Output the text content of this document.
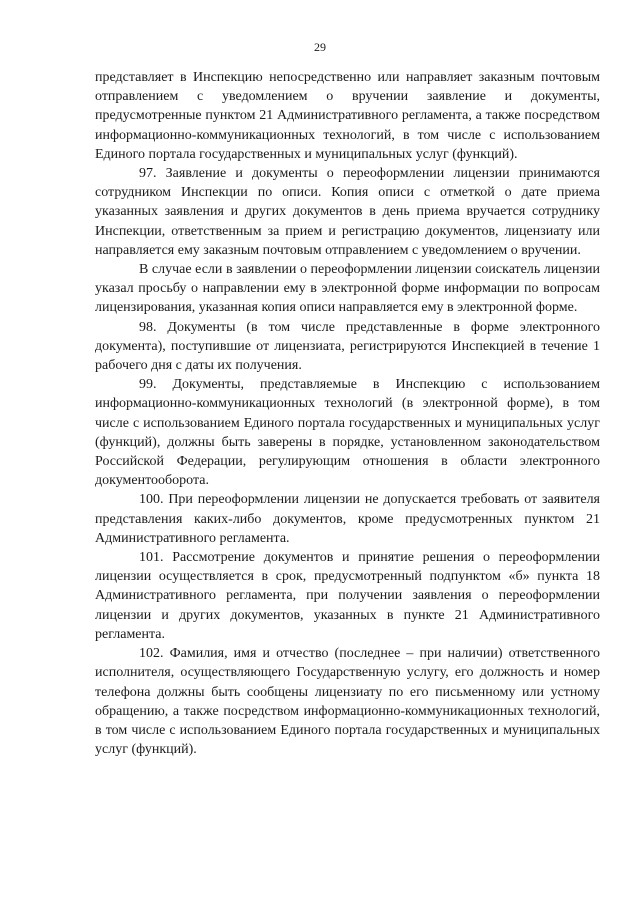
29

представляет в Инспекцию непосредственно или направляет заказным почтовым отправлением с уведомлением о вручении заявление и документы, предусмотренные пунктом 21 Административного регламента, а также посредством информационно-коммуникационных технологий, в том числе с использованием Единого портала государственных и муниципальных услуг (функций).

97. Заявление и документы о переоформлении лицензии принимаются сотрудником Инспекции по описи. Копия описи с отметкой о дате приема указанных заявления и других документов в день приема вручается сотруднику Инспекции, ответственным за прием и регистрацию документов, лицензиату или направляется ему заказным почтовым отправлением с уведомлением о вручении.

В случае если в заявлении о переоформлении лицензии соискатель лицензии указал просьбу о направлении ему в электронной форме информации по вопросам лицензирования, указанная копия описи направляется ему в электронной форме.

98. Документы (в том числе представленные в форме электронного документа), поступившие от лицензиата, регистрируются Инспекцией в течение 1 рабочего дня с даты их получения.

99. Документы, представляемые в Инспекцию с использованием информационно-коммуникационных технологий (в электронной форме), в том числе с использованием Единого портала государственных и муниципальных услуг (функций), должны быть заверены в порядке, установленном законодательством Российской Федерации, регулирующим отношения в области электронного документооборота.

100. При переоформлении лицензии не допускается требовать от заявителя представления каких-либо документов, кроме предусмотренных пунктом 21 Административного регламента.

101. Рассмотрение документов и принятие решения о переоформлении лицензии осуществляется в срок, предусмотренный подпунктом «б» пункта 18 Административного регламента, при получении заявления о переоформлении лицензии и других документов, указанных в пункте 21 Административного регламента.

102. Фамилия, имя и отчество (последнее – при наличии) ответственного исполнителя, осуществляющего Государственную услугу, его должность и номер телефона должны быть сообщены лицензиату по его письменному или устному обращению, а также посредством информационно-коммуникационных технологий, в том числе с использованием Единого портала государственных и муниципальных услуг (функций).
